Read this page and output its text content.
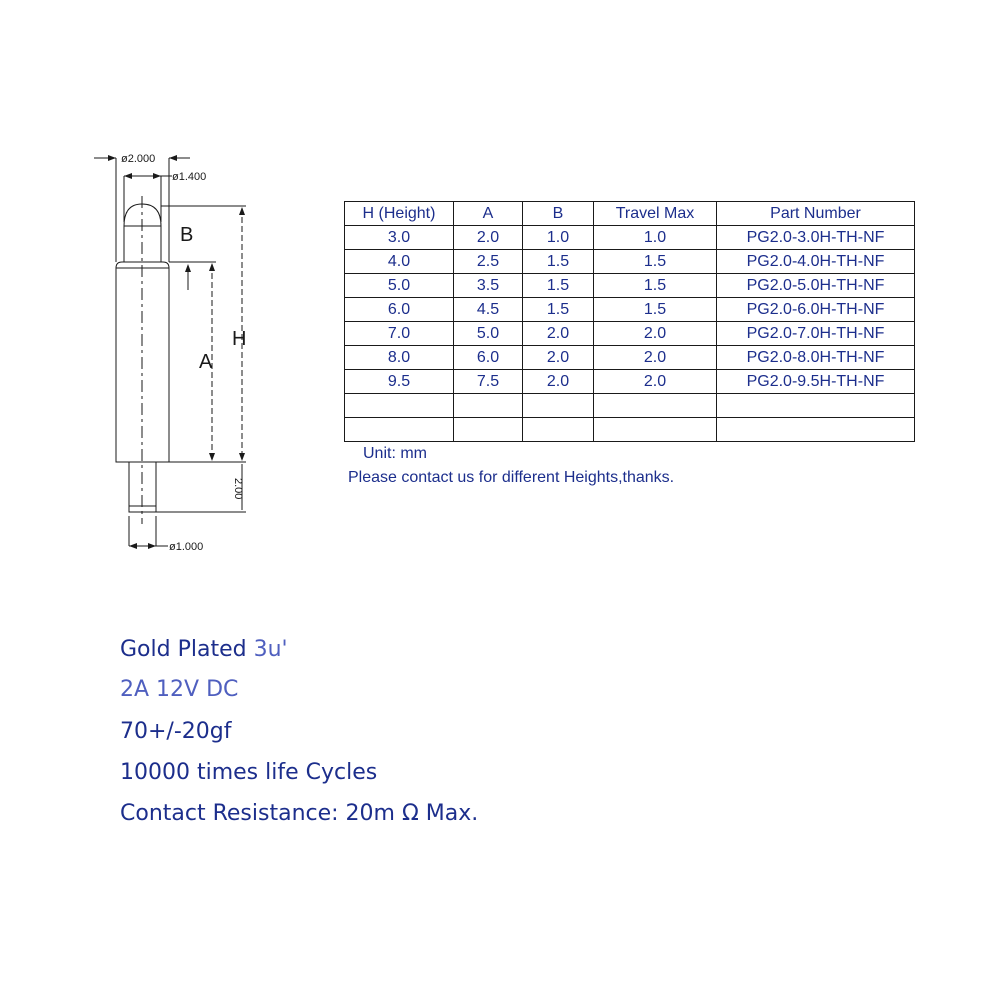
ø2.000
ø1.400
ø1.000
2.00
B
A
H
H (Height)	A	B	Travel Max	Part Number
3.0	2.0	1.0	1.0	PG2.0-3.0H-TH-NF
4.0	2.5	1.5	1.5	PG2.0-4.0H-TH-NF
5.0	3.5	1.5	1.5	PG2.0-5.0H-TH-NF
6.0	4.5	1.5	1.5	PG2.0-6.0H-TH-NF
7.0	5.0	2.0	2.0	PG2.0-7.0H-TH-NF
8.0	6.0	2.0	2.0	PG2.0-8.0H-TH-NF
9.5	7.5	2.0	2.0	PG2.0-9.5H-TH-NF

Unit: mm
Please contact us for different Heights,thanks.
Gold Plated 3u'
2A 12V DC
70+/-20gf
10000 times life Cycles
Contact Resistance: 20m Ω Max.
